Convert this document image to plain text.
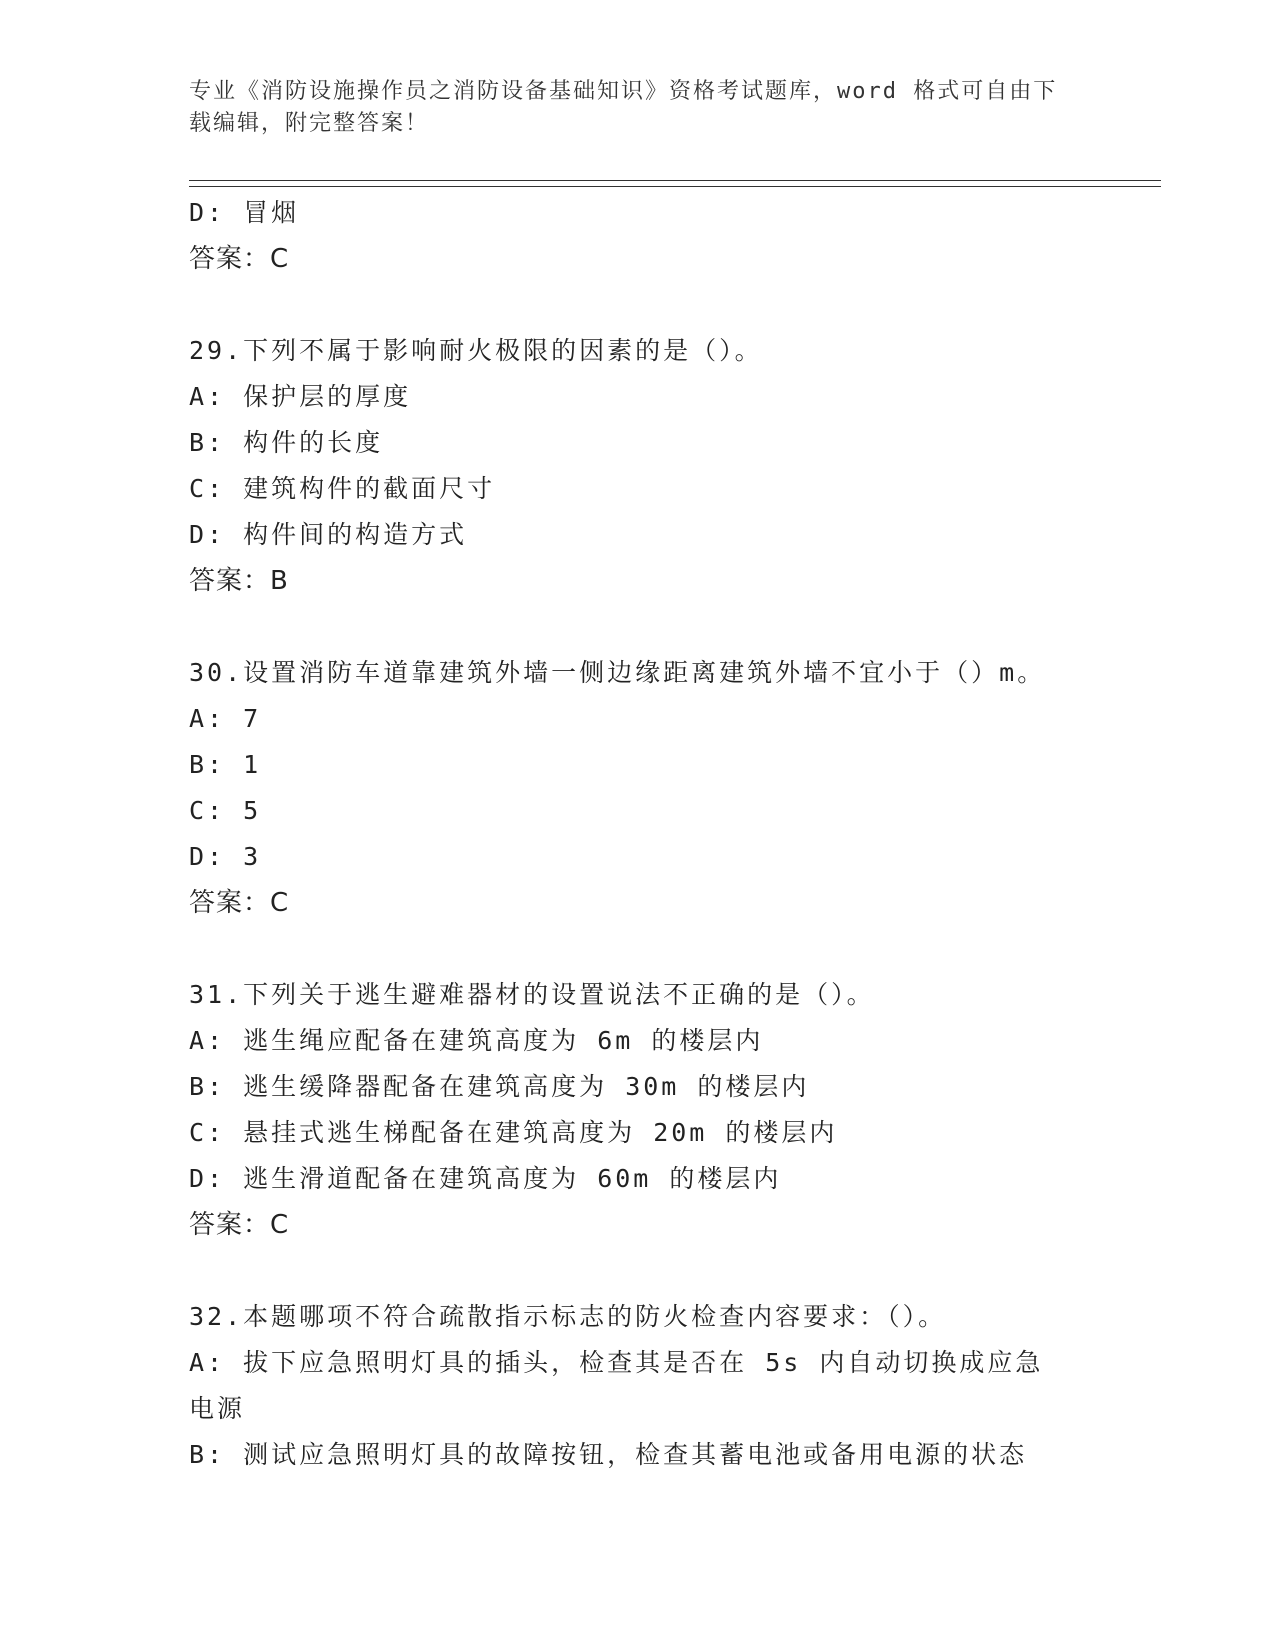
专业《消防设施操作员之消防设备基础知识》资格考试题库，word 格式可自由下
载编辑，附完整答案！
D: 冒烟
答案：C
29.下列不属于影响耐火极限的因素的是（）。
A: 保护层的厚度
B: 构件的长度
C: 建筑构件的截面尺寸
D: 构件间的构造方式
答案：B
30.设置消防车道靠建筑外墙一侧边缘距离建筑外墙不宜小于（）m。
A: 7
B: 1
C: 5
D: 3
答案：C
31.下列关于逃生避难器材的设置说法不正确的是（）。
A: 逃生绳应配备在建筑高度为 6m 的楼层内
B: 逃生缓降器配备在建筑高度为 30m 的楼层内
C: 悬挂式逃生梯配备在建筑高度为 20m 的楼层内
D: 逃生滑道配备在建筑高度为 60m 的楼层内
答案：C
32.本题哪项不符合疏散指示标志的防火检查内容要求：（）。
A: 拔下应急照明灯具的插头，检查其是否在 5s 内自动切换成应急电源
B: 测试应急照明灯具的故障按钮，检查其蓄电池或备用电源的状态
